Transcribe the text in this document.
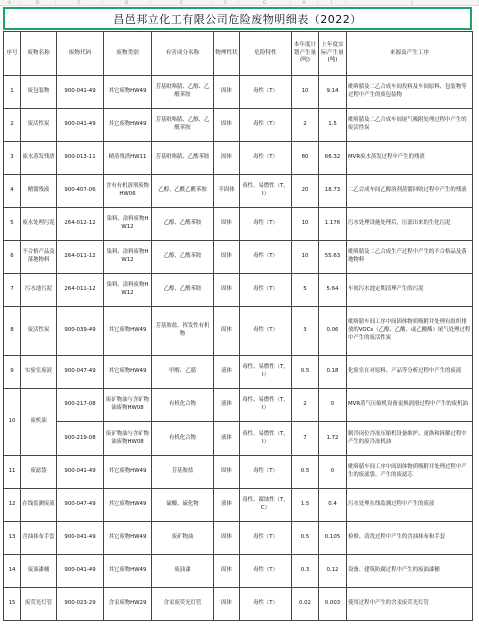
A	B	C	D	E	F	G	H	I	J
昌邑邦立化工有限公司危险废物明细表（2022）
序号	废物名称	废物代码	废物类别	有害成分名称	物理性状	危险特性	本年度计划产生量(吨)	上年度实际产生量(吨)	来源及产生工序
1	废包装物	900-041-49	其它废物HW49	芳基吡咯腈、乙醇、乙酰苯胺	固体	毒性（T）	10	9.14	吡咯腈及二乙合成车间投料及车间原料、包装物等过程中产生的废包装物
2	废活性炭	900-041-49	其它废物HW49	芳基吡咯腈、乙醇、乙酰苯胺	固体	毒性（T）	2	1.5	吡咯腈及二乙合成车间尾气吸附处理过程中产生的废活性炭
3	废水蒸发残渣	900-013-11	精蒸残渣HW11	芳基吡咯腈、乙酰苯胺	固体	毒性（T）	80	66.32	MVR废水蒸发过程中产生的残渣
4	精馏残液	900-407-06	含有有机溶剂废物HW06	乙醇、乙酰乙酰苯胺	半固体	毒性、易燃性（T，I）	20	18.73	二乙合成车间乙醇溶剂蒸馏回收过程中产生的残液
5	废水处理污泥	264-012-12	染料、涂料废物HW12	乙醇、乙酰苯胺	固体	毒性（T）	10	1.176	污水处理设施处理后，压滤出来的生化污泥
6	不合格产品及落地物料	264-011-12	染料、涂料废物HW12	乙醇、乙酰苯胺	固体	毒性（T）	10	55.63	吡咯腈及二乙合成生产过程中产生的不合格品及落地物料
7	污水池污泥	264-011-12	染料、涂料废物HW12	乙醇、乙酰苯胺	固体	毒性（T）	5	5.64	车间污水池定期清理产生的污泥
8	废活性炭	900-039-49	其它废物HW49	芳基胺盐、挥发性有机物	固体	毒性（T）	3	0.06	吡咯腈车间工序中间固体物质吸附并处理有组织排放的VOCs（乙醇、乙酸、或乙酸酯）尾气处理过程中产生的废活性炭
9	实验室废液	900-047-49	其它废物HW49	甲醇、乙腈	液体	毒性、易燃性（T，I）	0.5	0.18	化验室在对原料、产品等分析过程中产生的废液
10	废机油	900-217-08	废矿物油与含矿物油废物HW08	有机化合物	液体	毒性、易燃性（T，I）	2	0	MVR蒸气压缩机设备更换润滑过程中产生的废机油
		900-219-08	废矿物油与含矿物油废物HW08	有机化合物	液体	毒性、易燃性（T，I）	7	1.72	制冷岗位冷冻压缩机设备维护、更换和拆解过程中产生的废冷冻机油
11	废滤袋	900-041-49	其它废物HW49	芳基胺盐	固体	毒性（T）	0.5	0	吡咯腈车间工序中间固体物质吸附并处理过程中产生的废滤袋、产生的废滤芯
12	在线监测废液	900-047-49	其它废物HW49	硫酸、硫化物	液体	毒性、腐蚀性（T，C）	1.5	0.4	污水处理在线监测过程中产生的废液
13	含油抹布手套	900-041-49	其它废物HW49	废矿物油	固体	毒性（T）	0.5	0.105	检修、清洗过程中产生的含油抹布和手套
14	废油漆桶	900-041-49	其它废物HW49	废油漆	固体	毒性（T）	0.3	0.12	设备、建筑防腐过程中产生的废油漆桶
15	废荧光灯管	900-023-29	含汞废物HW29	含汞废荧光灯管	固体	毒性（T）	0.02	0.003	使用过程中产生的含汞废荧光灯管
